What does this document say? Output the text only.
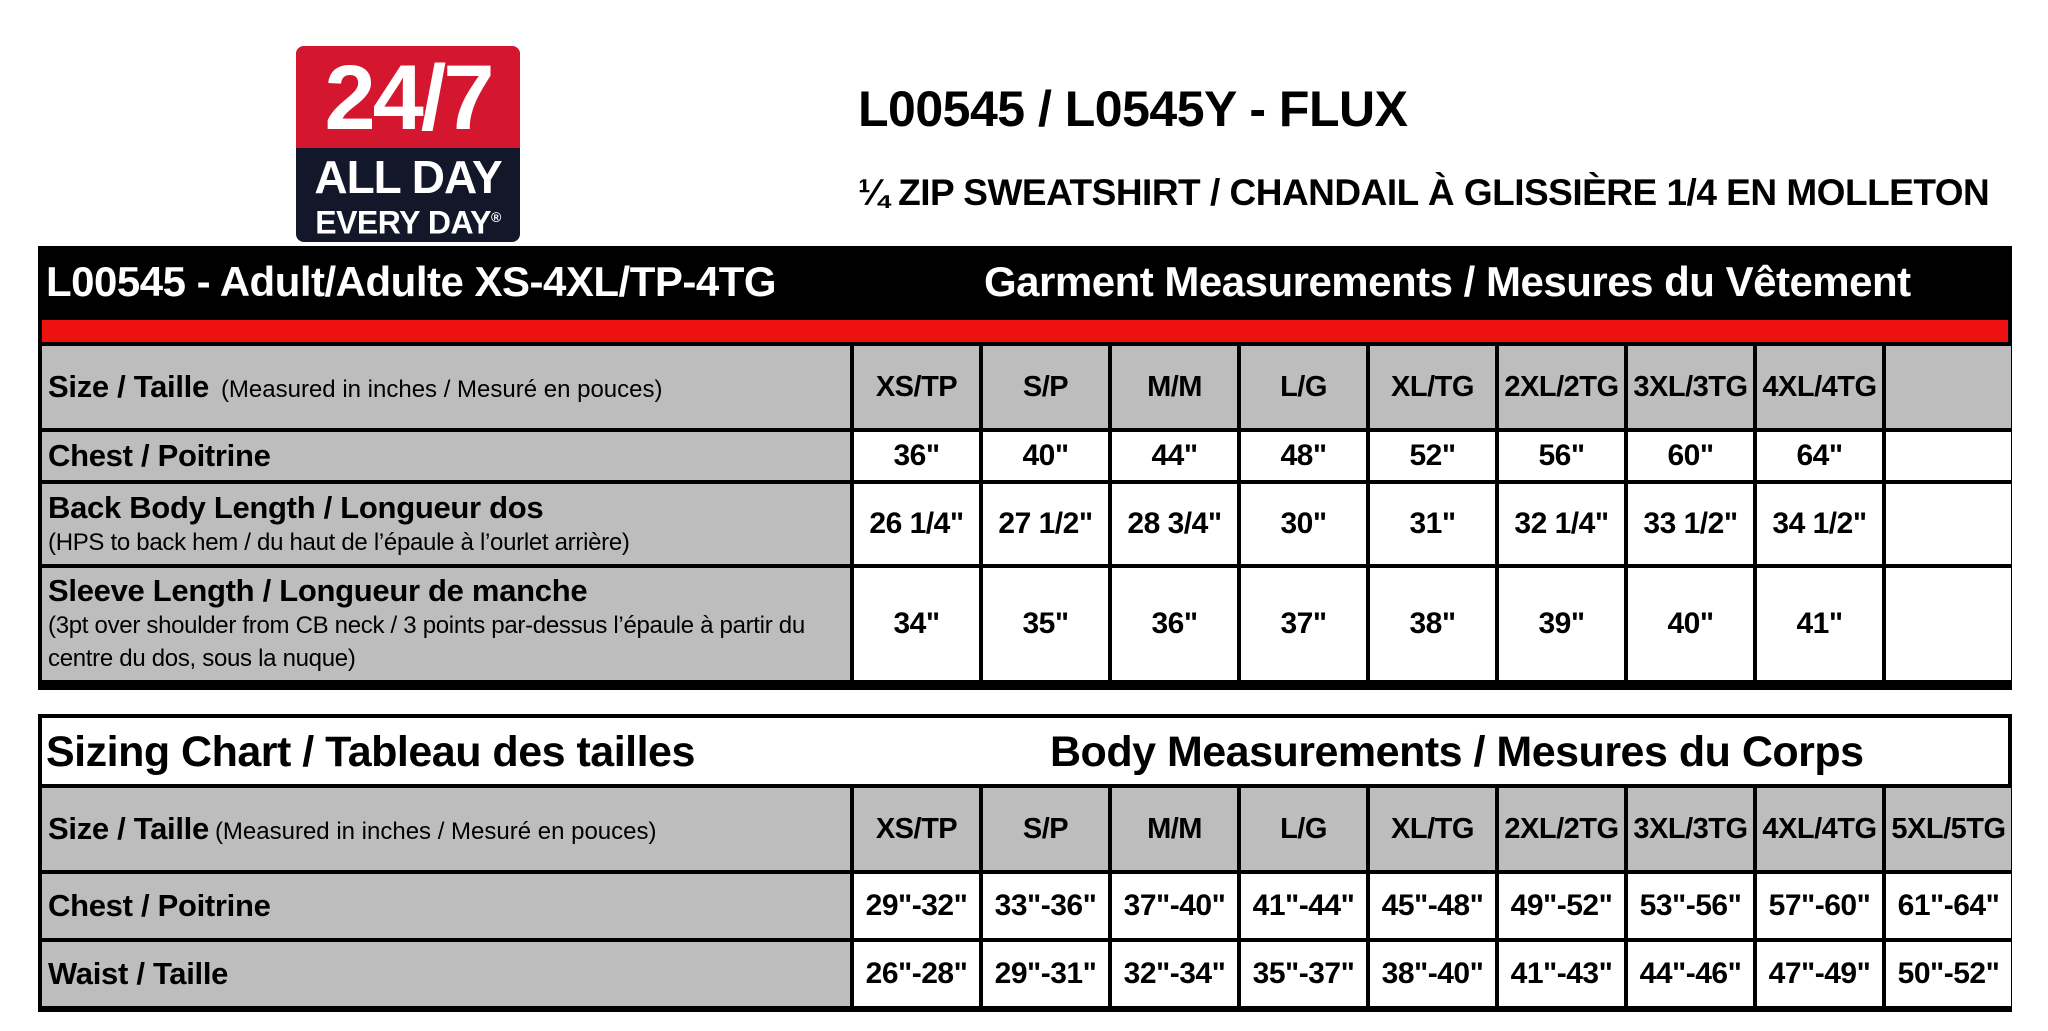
24/7
ALL DAY
EVERY DAY®
L00545 / L0545Y - FLUX
¼ ZIP SWEATSHIRT / CHANDAIL À GLISSIÈRE 1/4 EN MOLLETON
L00545 - Adult/Adulte XS-4XL/TP-4TG	Garment Measurements / Mesures du Vêtement
Size / Taille (Measured in inches / Mesuré en pouces)	XS/TP	S/P	M/M	L/G	XL/TG	2XL/2TG	3XL/3TG	4XL/4TG	
Chest / Poitrine	36"	40"	44"	48"	52"	56"	60"	64"	
Back Body Length / Longueur dos
(HPS to back hem / du haut de l’épaule à l’ourlet arrière)	26 1/4"	27 1/2"	28 3/4"	30"	31"	32 1/4"	33 1/2"	34 1/2"	
Sleeve Length / Longueur de manche
(3pt over shoulder from CB neck / 3 points par-dessus l’épaule à partir du centre du dos, sous la nuque)	34"	35"	36"	37"	38"	39"	40"	41"	
Sizing Chart / Tableau des tailles	Body Measurements / Mesures du Corps
Size / Taille (Measured in inches / Mesuré en pouces)	XS/TP	S/P	M/M	L/G	XL/TG	2XL/2TG	3XL/3TG	4XL/4TG	5XL/5TG
Chest / Poitrine	29"-32"	33"-36"	37"-40"	41"-44"	45"-48"	49"-52"	53"-56"	57"-60"	61"-64"
Waist / Taille	26"-28"	29"-31"	32"-34"	35"-37"	38"-40"	41"-43"	44"-46"	47"-49"	50"-52"
